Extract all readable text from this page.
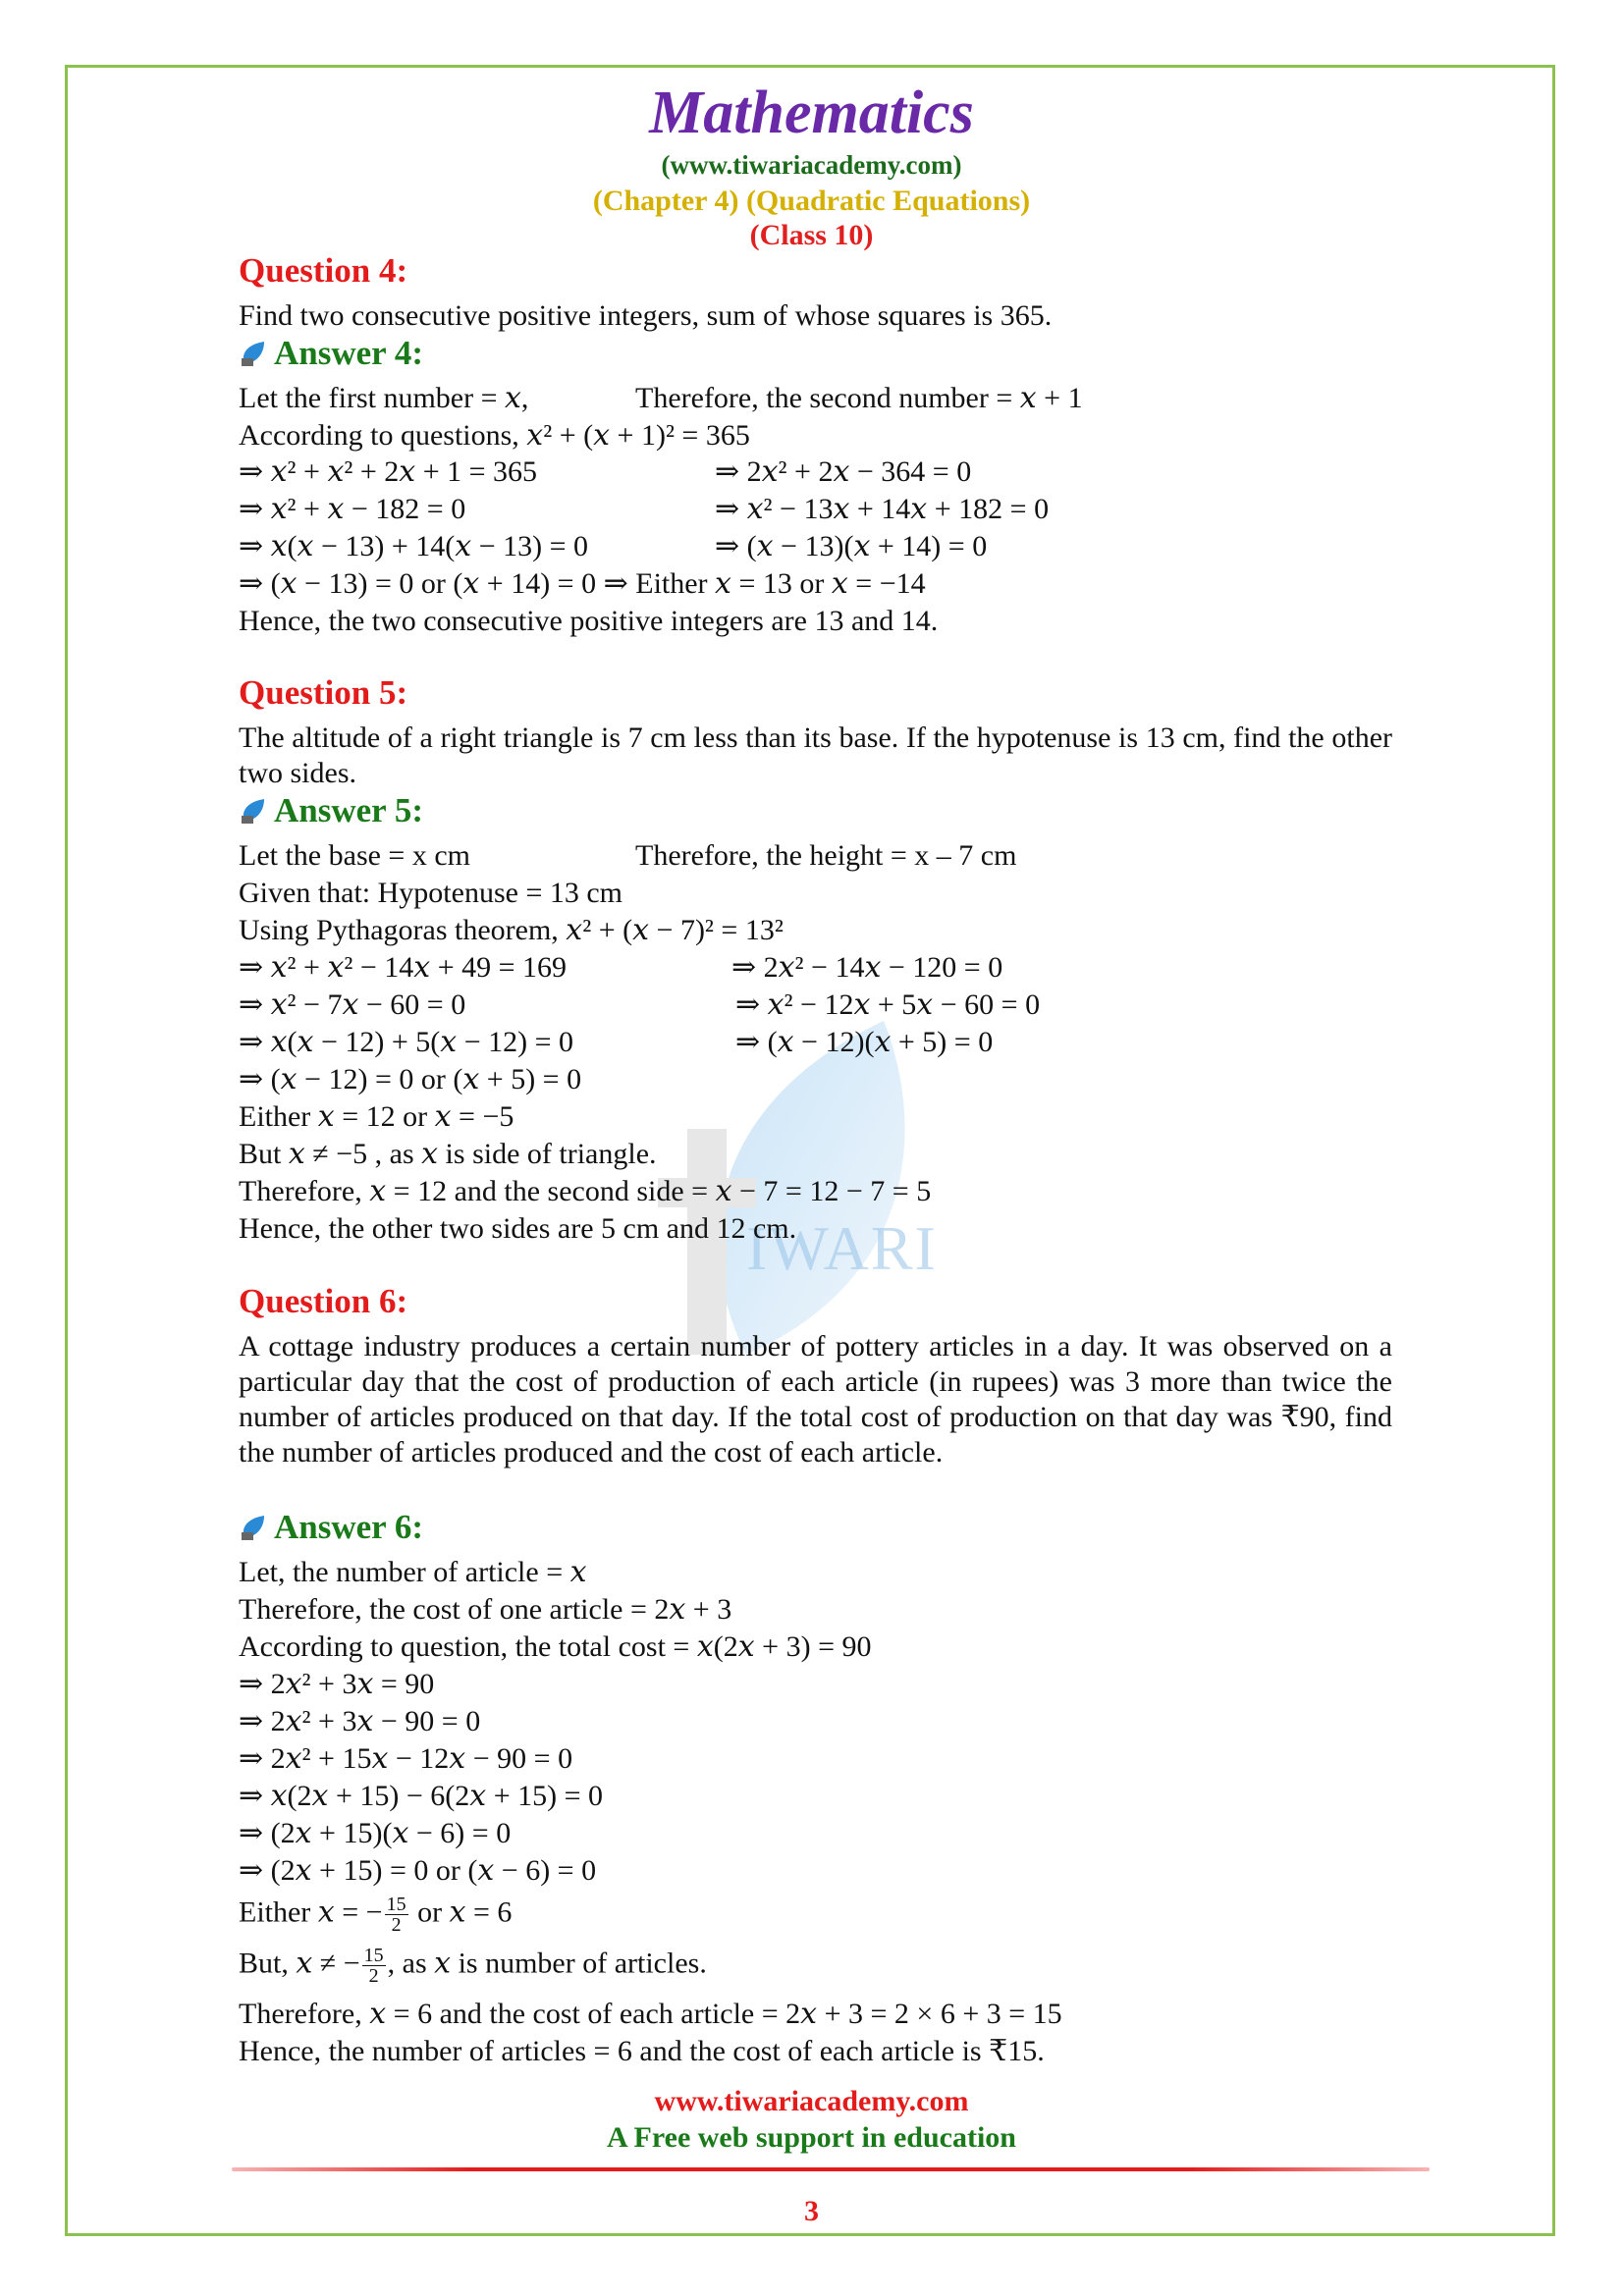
IWARI
Mathematics
(www.tiwariacademy.com)
(Chapter 4) (Quadratic Equations)
(Class 10)
Question 4:
Find two consecutive positive integers, sum of whose squares is 365.
Answer 4:
Let the first number = 𝑥,	Therefore, the second number = 𝑥 + 1
According to questions, 𝑥² + (𝑥 + 1)² = 365
⇒ 𝑥² + 𝑥² + 2𝑥 + 1 = 365	⇒ 2𝑥² + 2𝑥 − 364 = 0
⇒ 𝑥² + 𝑥 − 182 = 0	⇒ 𝑥² − 13𝑥 + 14𝑥 + 182 = 0
⇒ 𝑥(𝑥 − 13) + 14(𝑥 − 13) = 0	⇒ (𝑥 − 13)(𝑥 + 14) = 0
⇒ (𝑥 − 13) = 0 or (𝑥 + 14) = 0 ⇒ Either 𝑥 = 13 or 𝑥 = −14
Hence, the two consecutive positive integers are 13 and 14.
Question 5:
The altitude of a right triangle is 7 cm less than its base. If the hypotenuse is 13 cm, find the other two sides.
Answer 5:
Let the base = x cm	Therefore, the height = x – 7 cm
Given that: Hypotenuse = 13 cm
Using Pythagoras theorem, 𝑥² + (𝑥 − 7)² = 13²
⇒ 𝑥² + 𝑥² − 14𝑥 + 49 = 169	⇒ 2𝑥² − 14𝑥 − 120 = 0
⇒ 𝑥² − 7𝑥 − 60 = 0	⇒ 𝑥² − 12𝑥 + 5𝑥 − 60 = 0
⇒ 𝑥(𝑥 − 12) + 5(𝑥 − 12) = 0	⇒ (𝑥 − 12)(𝑥 + 5) = 0
⇒ (𝑥 − 12) = 0 or (𝑥 + 5) = 0
Either 𝑥 = 12 or 𝑥 = −5
But 𝑥 ≠ −5 , as 𝑥 is side of triangle.
Therefore, 𝑥 = 12 and the second side = 𝑥 − 7 = 12 − 7 = 5
Hence, the other two sides are 5 cm and 12 cm.
Question 6:
A cottage industry produces a certain number of pottery articles in a day. It was observed on a particular day that the cost of production of each article (in rupees) was 3 more than twice the number of articles produced on that day. If the total cost of production on that day was ₹90, find the number of articles produced and the cost of each article.
Answer 6:
Let, the number of article = 𝑥
Therefore, the cost of one article = 2𝑥 + 3
According to question, the total cost = 𝑥(2𝑥 + 3) = 90
⇒ 2𝑥² + 3𝑥 = 90
⇒ 2𝑥² + 3𝑥 − 90 = 0
⇒ 2𝑥² + 15𝑥 − 12𝑥 − 90 = 0
⇒ 𝑥(2𝑥 + 15) − 6(2𝑥 + 15) = 0
⇒ (2𝑥 + 15)(𝑥 − 6) = 0
⇒ (2𝑥 + 15) = 0 or (𝑥 − 6) = 0
Either 𝑥 = − $\frac{15}{2}$ or 𝑥 = 6
But, 𝑥 ≠ − $\frac{15}{2}$ , as 𝑥 is number of articles.
Therefore, 𝑥 = 6 and the cost of each article = 2𝑥 + 3 = 2 × 6 + 3 = 15
Hence, the number of articles = 6 and the cost of each article is ₹15.
www.tiwariacademy.com
A Free web support in education
3
